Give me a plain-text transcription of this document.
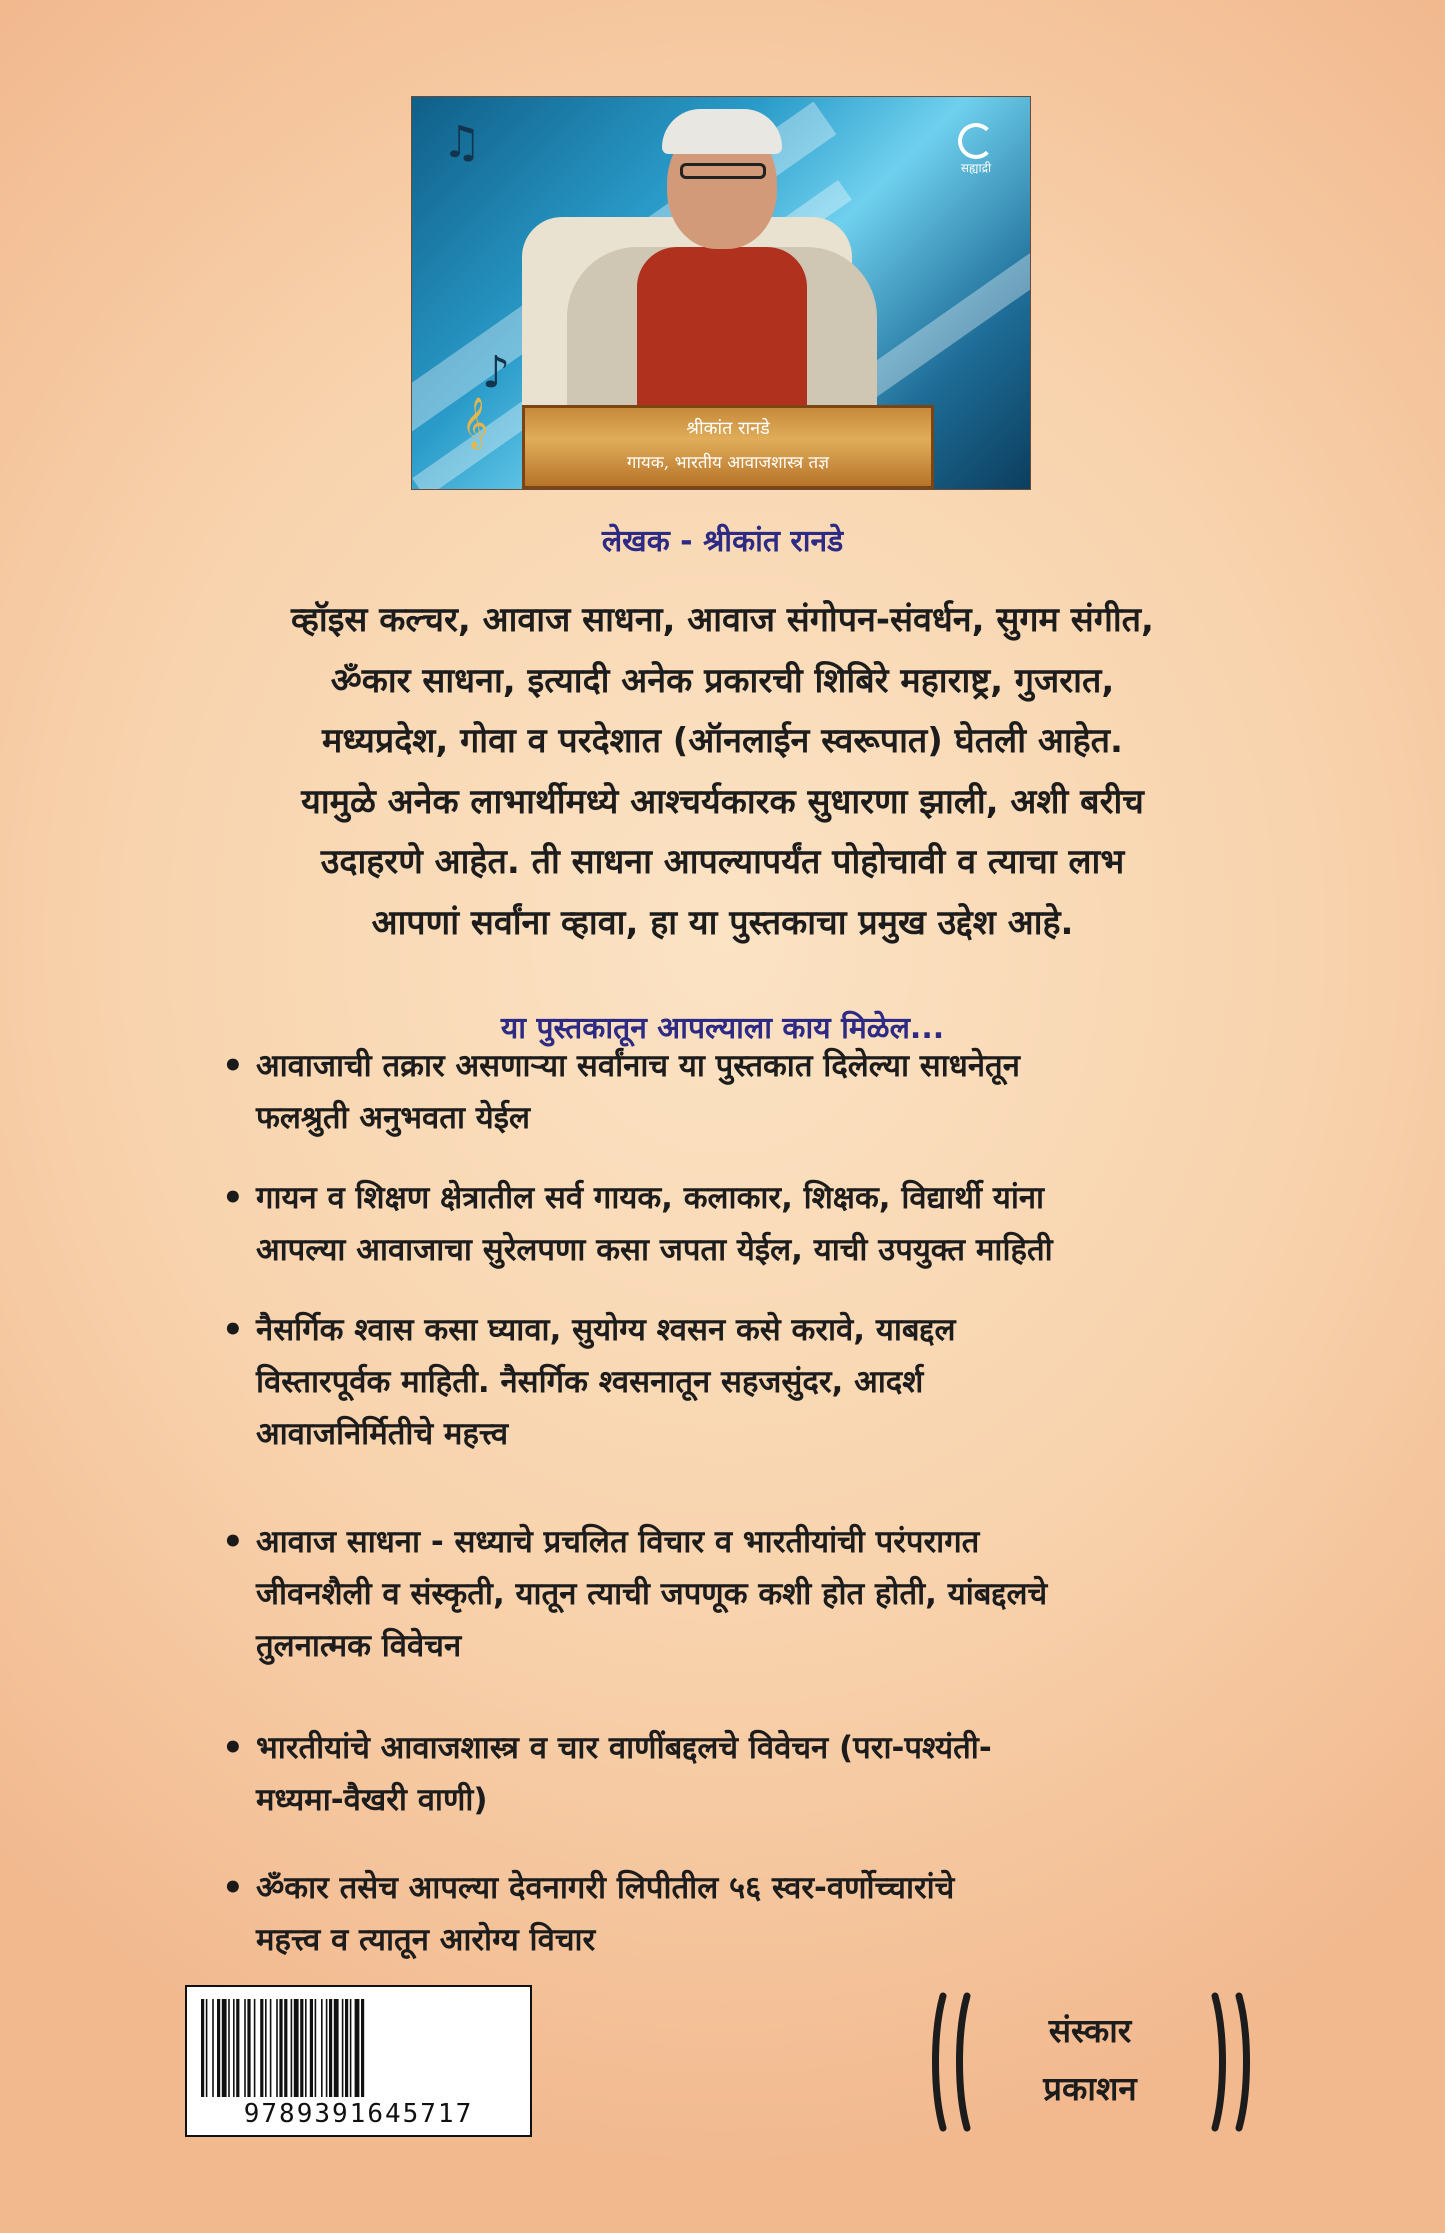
♫
♪
𝄞
सह्याद्री
श्रीकांत रानडे
गायक, भारतीय आवाजशास्त्र तज्ञ
लेखक - श्रीकांत रानडे

व्हॉइस कल्चर, आवाज साधना, आवाज संगोपन-संवर्धन, सुगम संगीत,

ॐकार साधना, इत्यादी अनेक प्रकारची शिबिरे महाराष्ट्र, गुजरात,

मध्यप्रदेश, गोवा व परदेशात (ऑनलाईन स्वरूपात) घेतली आहेत.

यामुळे अनेक लाभार्थीमध्ये आश्चर्यकारक सुधारणा झाली, अशी बरीच

उदाहरणे आहेत. ती साधना आपल्यापर्यंत पोहोचावी व त्याचा लाभ

आपणां सर्वांना व्हावा, हा या पुस्तकाचा प्रमुख उद्देश आहे.

या पुस्तकातून आपल्याला काय मिळेल...
• आवाजाची तक्रार असणाऱ्या सर्वांनाच या पुस्तकात दिलेल्या साधनेतून
फलश्रुती अनुभवता येईल
• गायन व शिक्षण क्षेत्रातील सर्व गायक, कलाकार, शिक्षक, विद्यार्थी यांना
आपल्या आवाजाचा सुरेलपणा कसा जपता येईल, याची उपयुक्त माहिती
• नैसर्गिक श्वास कसा घ्यावा, सुयोग्य श्वसन कसे करावे, याबद्दल
विस्तारपूर्वक माहिती. नैसर्गिक श्वसनातून सहजसुंदर, आदर्श
आवाजनिर्मितीचे महत्त्व
• आवाज साधना - सध्याचे प्रचलित विचार व भारतीयांची परंपरागत
जीवनशैली व संस्कृती, यातून त्याची जपणूक कशी होत होती, यांबद्दलचे
तुलनात्मक विवेचन
• भारतीयांचे आवाजशास्त्र व चार वाणींबद्दलचे विवेचन (परा-पश्यंती-
मध्यमा-वैखरी वाणी)
• ॐकार तसेच आपल्या देवनागरी लिपीतील ५६ स्वर-वर्णोच्चारांचे
महत्त्व व त्यातून आरोग्य विचार
9789391645717
संस्कार
प्रकाशन
